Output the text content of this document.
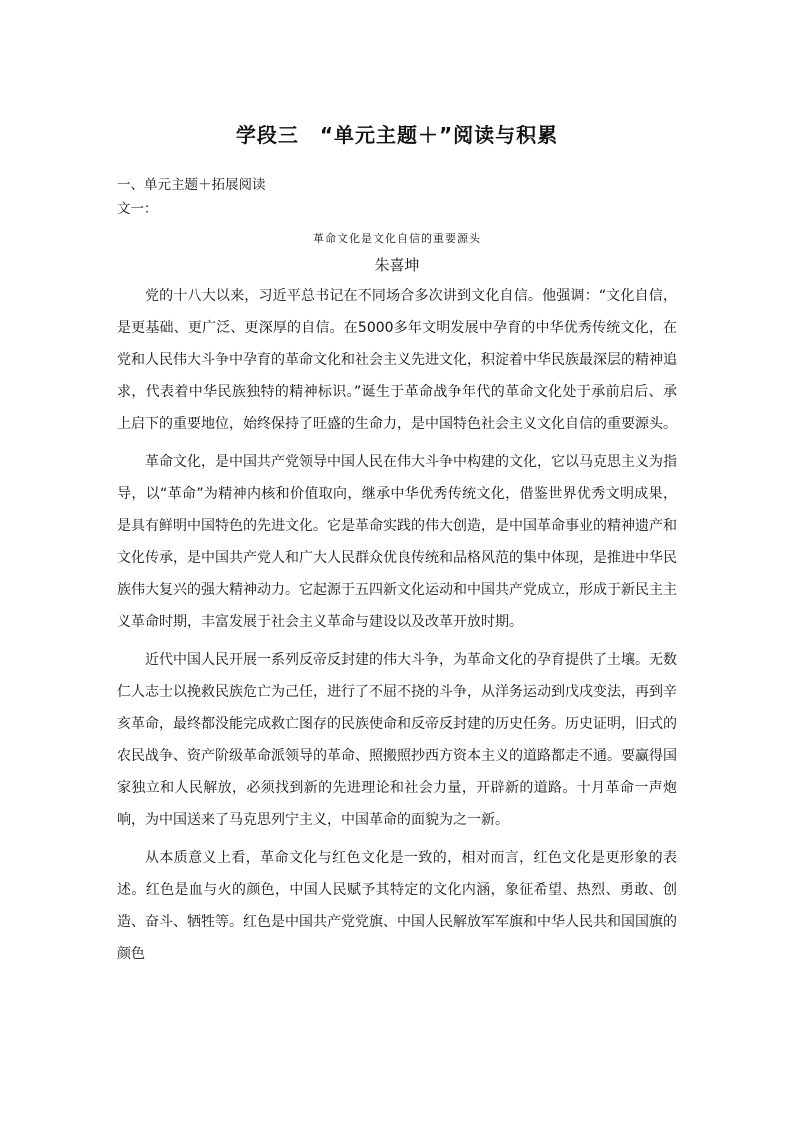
学段三　“单元主题＋”阅读与积累
一、单元主题＋拓展阅读
文一：
革命文化是文化自信的重要源头
朱喜坤

党的十八大以来，习近平总书记在不同场合多次讲到文化自信。他强调：“文化自信，是更基础、更广泛、更深厚的自信。在5000多年文明发展中孕育的中华优秀传统文化，在党和人民伟大斗争中孕育的革命文化和社会主义先进文化，积淀着中华民族最深层的精神追求，代表着中华民族独特的精神标识。”诞生于革命战争年代的革命文化处于承前启后、承上启下的重要地位，始终保持了旺盛的生命力，是中国特色社会主义文化自信的重要源头。

革命文化，是中国共产党领导中国人民在伟大斗争中构建的文化，它以马克思主义为指导，以“革命”为精神内核和价值取向，继承中华优秀传统文化，借鉴世界优秀文明成果，是具有鲜明中国特色的先进文化。它是革命实践的伟大创造，是中国革命事业的精神遗产和文化传承，是中国共产党人和广大人民群众优良传统和品格风范的集中体现，是推进中华民族伟大复兴的强大精神动力。它起源于五四新文化运动和中国共产党成立，形成于新民主主义革命时期，丰富发展于社会主义革命与建设以及改革开放时期。

近代中国人民开展一系列反帝反封建的伟大斗争，为革命文化的孕育提供了土壤。无数仁人志士以挽救民族危亡为己任，进行了不屈不挠的斗争，从洋务运动到戊戌变法，再到辛亥革命，最终都没能完成救亡图存的民族使命和反帝反封建的历史任务。历史证明，旧式的农民战争、资产阶级革命派领导的革命、照搬照抄西方资本主义的道路都走不通。要赢得国家独立和人民解放，必须找到新的先进理论和社会力量，开辟新的道路。十月革命一声炮响，为中国送来了马克思列宁主义，中国革命的面貌为之一新。

从本质意义上看，革命文化与红色文化是一致的，相对而言，红色文化是更形象的表述。红色是血与火的颜色，中国人民赋予其特定的文化内涵，象征希望、热烈、勇敢、创造、奋斗、牺牲等。红色是中国共产党党旗、中国人民解放军军旗和中华人民共和国国旗的颜色
